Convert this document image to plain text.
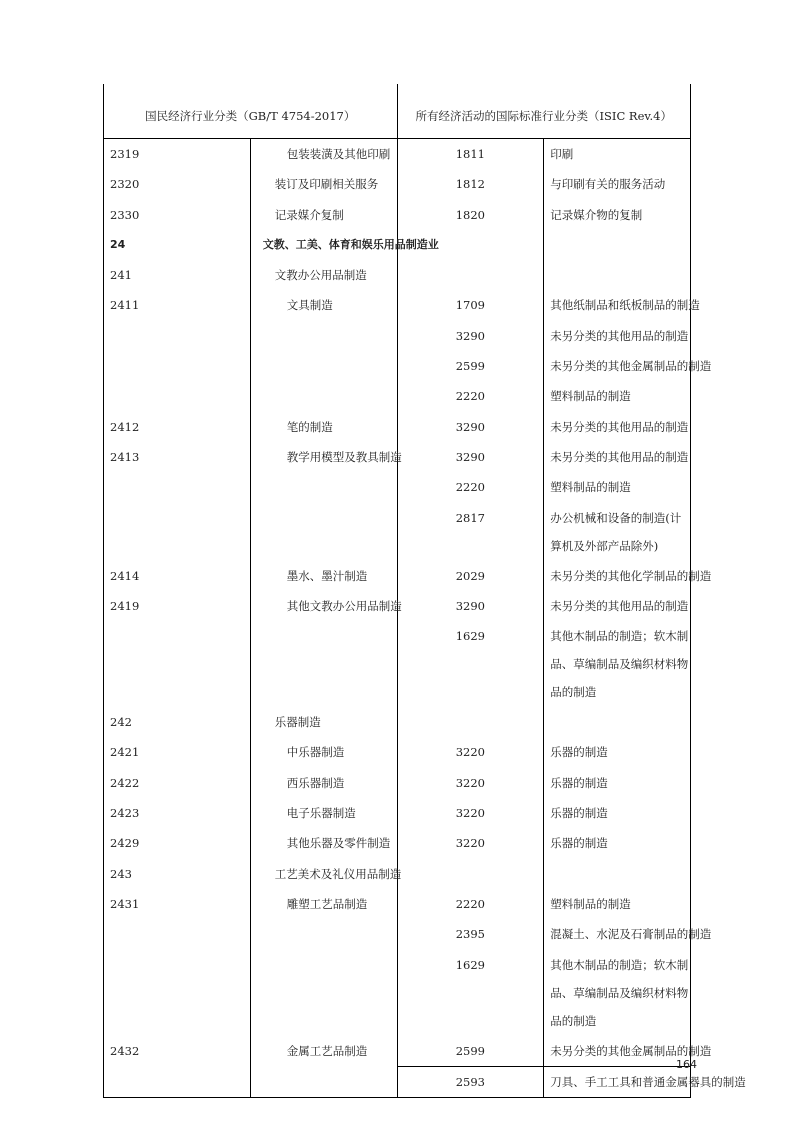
国民经济行业分类（GB/T 4754-2017）		所有经济活动的国际标准行业分类（ISIC Rev.4）	
2319	包装装潢及其他印刷	1811	印刷
2320	装订及印刷相关服务	1812	与印刷有关的服务活动
2330	记录媒介复制	1820	记录媒介物的复制
24	文教、工美、体育和娱乐用品制造业		
241	文教办公用品制造		
2411	文具制造	1709	其他纸制品和纸板制品的制造
		3290	未另分类的其他用品的制造
		2599	未另分类的其他金属制品的制造
		2220	塑料制品的制造
2412	笔的制造	3290	未另分类的其他用品的制造
2413	教学用模型及教具制造	3290	未另分类的其他用品的制造
		2220	塑料制品的制造
		2817	办公机械和设备的制造(计算机及外部产品除外)
2414	墨水、墨汁制造	2029	未另分类的其他化学制品的制造
2419	其他文教办公用品制造	3290	未另分类的其他用品的制造
		1629	其他木制品的制造；软木制品、草编制品及编织材料物品的制造
242	乐器制造		
2421	中乐器制造	3220	乐器的制造
2422	西乐器制造	3220	乐器的制造
2423	电子乐器制造	3220	乐器的制造
2429	其他乐器及零件制造	3220	乐器的制造
243	工艺美术及礼仪用品制造		
2431	雕塑工艺品制造	2220	塑料制品的制造
		2395	混凝土、水泥及石膏制品的制造
		1629	其他木制品的制造；软木制品、草编制品及编织材料物品的制造
2432	金属工艺品制造	2599	未另分类的其他金属制品的制造
		2593	刀具、手工工具和普通金属器具的制造
164
